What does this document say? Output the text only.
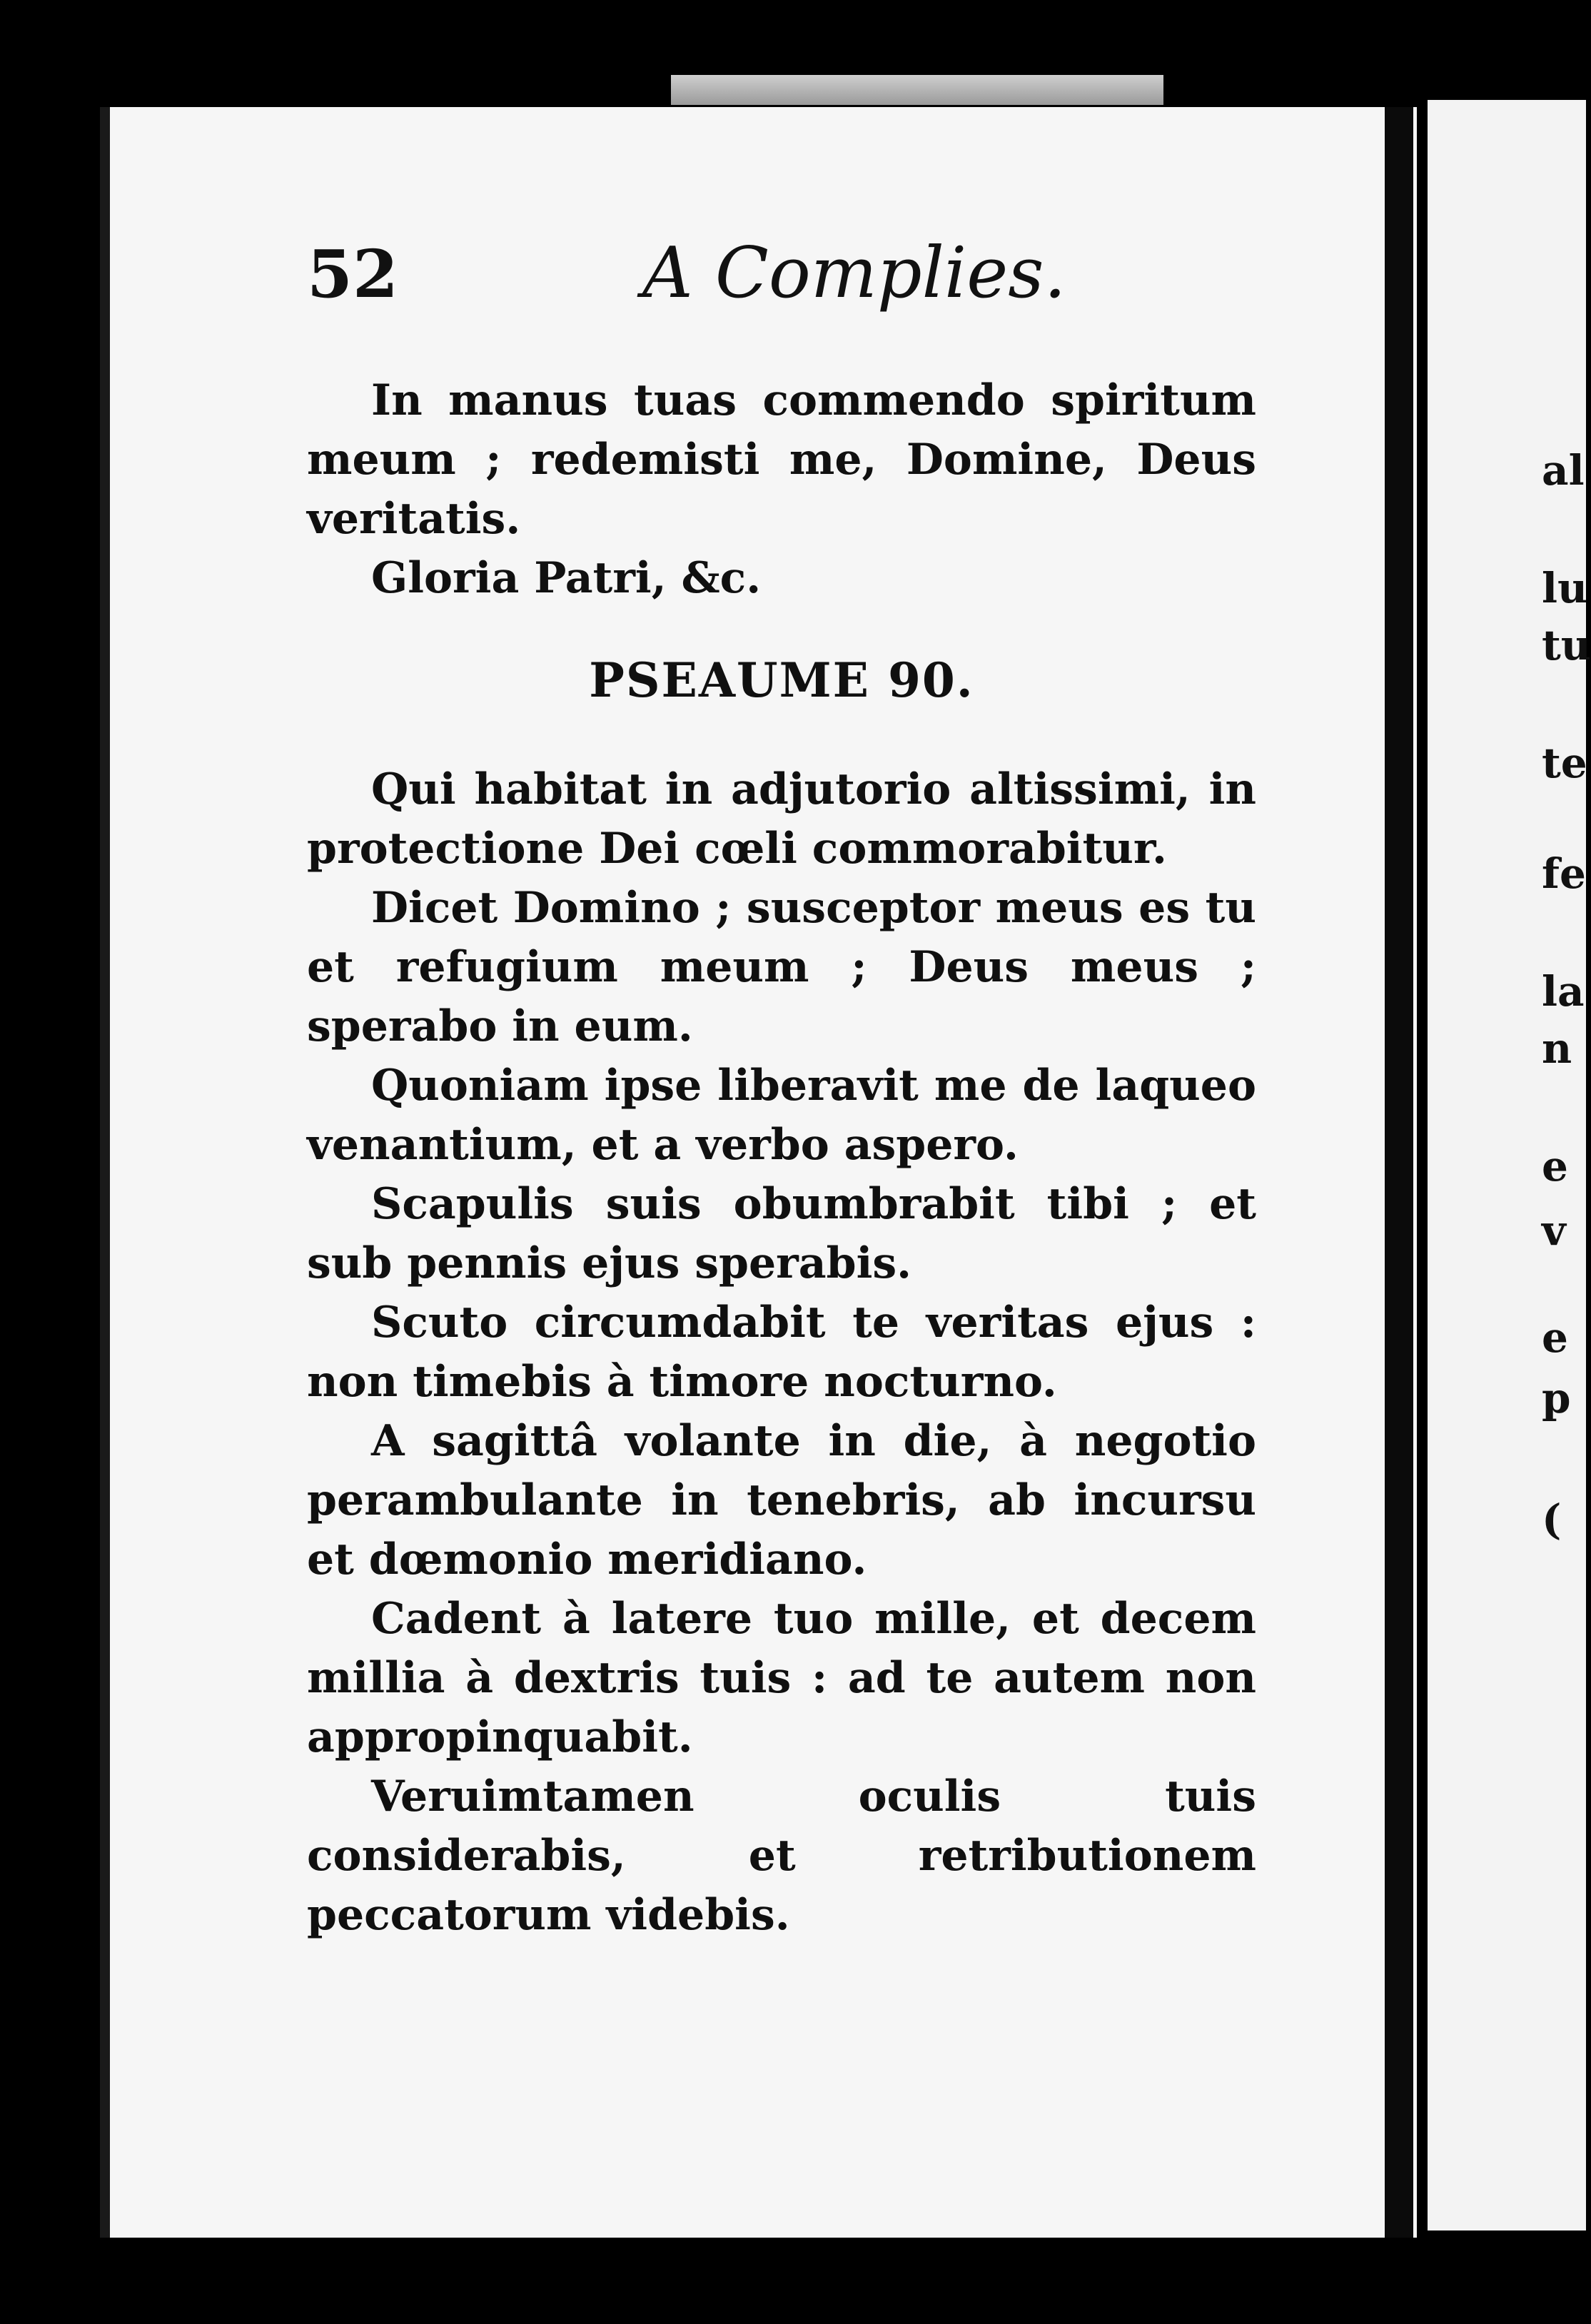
52	A Complies.

In manus tuas commendo spiritum meum ; redemisti me, Domine, Deus veritatis.

Gloria Patri, &c.

PSEAUME 90.

Qui habitat in adjutorio altissimi, in protectione Dei cœli commorabitur.

Dicet Domino ; susceptor meus es tu et refugium meum ; Deus meus ; sperabo in eum.

Quoniam ipse liberavit me de laqueo venantium, et a verbo aspero.

Scapulis suis obumbrabit tibi ; et sub pennis ejus sperabis.

Scuto circumdabit te veritas ejus : non timebis à timore nocturno.

A sagittâ volante in die, à negotio perambulante in tenebris, ab incursu et dœmonio meridiano.

Cadent à latere tuo mille, et decem millia à dextris tuis : ad te autem non appropinquabit.

Veruimtamen oculis tuis considerabis, et retributionem peccatorum videbis.

al
lu
tu
te
fe
la
n
e
v
e
p
(
